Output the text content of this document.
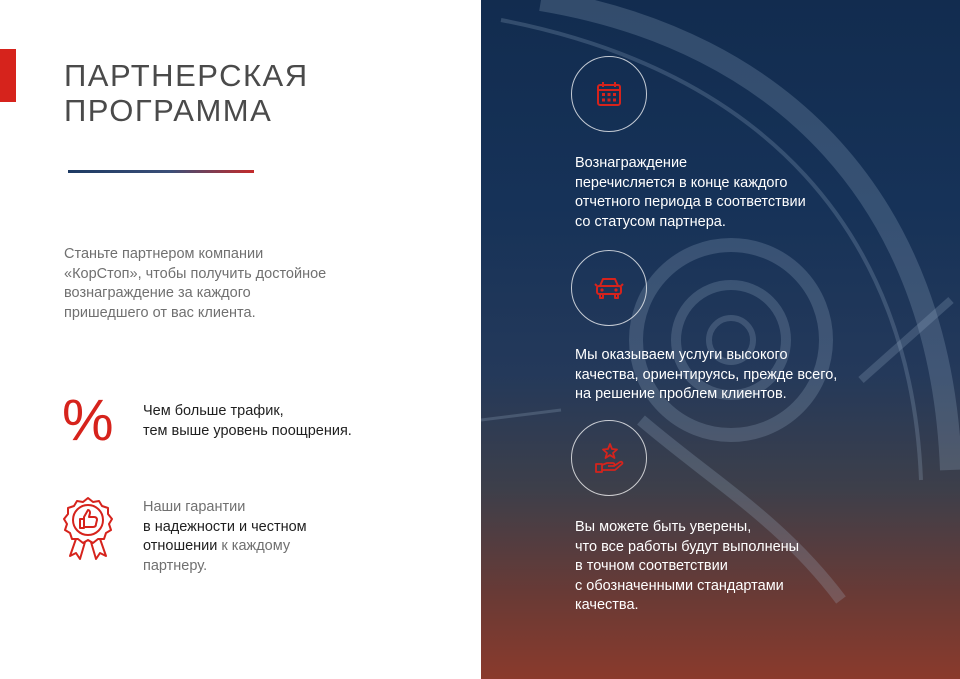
ПАРТНЕРСКАЯ
ПРОГРАММА

Станьте партнером компании
«КорСтоп», чтобы получить достойное
вознаграждение за каждого
пришедшего от вас клиента.

% Чем больше трафик,
тем выше уровень поощрения.

Наши гарантии
в надежности и честном
отношении к каждому
партнеру.

Вознаграждение
перечисляется в конце каждого
отчетного периода в соответствии
со статусом партнера.

Мы оказываем услуги высокого
качества, ориентируясь, прежде всего,
на решение проблем клиентов.

Вы можете быть уверены,
что все работы будут выполнены
в точном соответствии
с обозначенными стандартами
качества.
